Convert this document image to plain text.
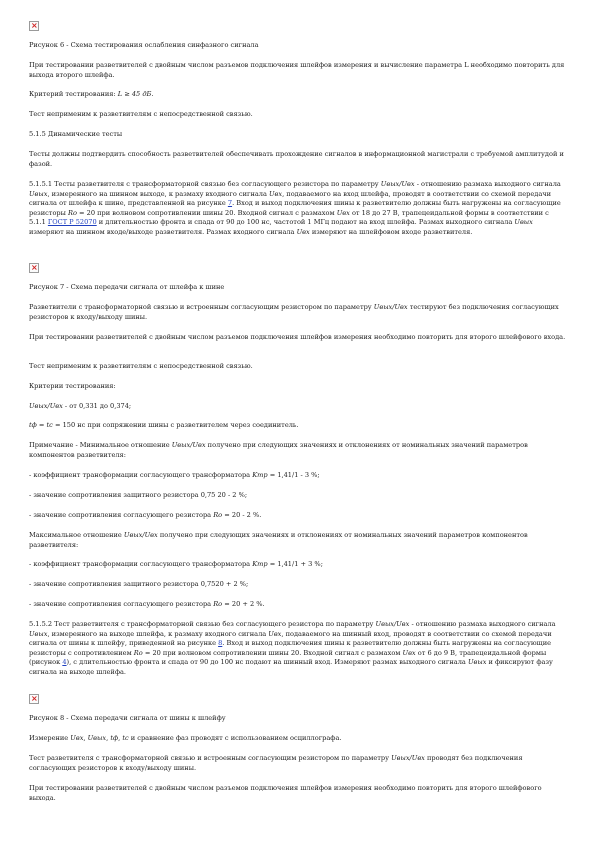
×

Рисунок 6 - Схема тестирования ослабления синфазного сигнала

При тестировании разветвителей с двойным числом разъемов подключения шлейфов измерения и вычисление параметра L необходимо повторить для выхода второго шлейфа.

Критерий тестирования: L ≥ 45 дБ.

Тест неприменим к разветвителям с непосредственной связью.

5.1.5 Динамические тесты

Тесты должны подтвердить способность разветвителей обеспечивать прохождение сигналов в информационной магистрали с требуемой амплитудой и фазой.

5.1.5.1 Тесты разветвителя с трансформаторной связью без согласующего резистора по параметру Uвых/Uвх - отношению размаха выходного сигнала Uвых, измеренного на шинном выходе, к размаху входного сигнала Uвх, подаваемого на вход шлейфа, проводят в соответствии со схемой передачи сигнала от шлейфа к шине, представленной на рисунке 7. Вход и выход подключения шины к разветвителю должны быть нагружены на согласующие резисторы Rо = 20 при волновом сопротивлении шины 20. Входной сигнал с размахом Uвх от 18 до 27 В, трапецеидальной формы в соответствии с 5.1.1 ГОСТ Р 52070 и длительностью фронта и спада от 90 до 100 нс, частотой 1 МГц подают на вход шлейфа. Размах выходного сигнала Uвых измеряют на шинном входе/выходе разветвителя. Размах входного сигнала Uвх измеряют на шлейфовом входе разветвителя.

×

Рисунок 7 - Схема передачи сигнала от шлейфа к шине

Разветвители с трансформаторной связью и встроенным согласующим резистором по параметру Uвых/Uвх тестируют без подключения согласующих резисторов к входу/выходу шины.

При тестировании разветвителей с двойным числом разъемов подключения шлейфов измерения необходимо повторить для второго шлейфового входа.

Тест неприменим к разветвителям с непосредственной связью.

Критерии тестирования:

Uвых/Uвх - от 0,331 до 0,374;

tф = tс = 150 нс при сопряжении шины с разветвителем через соединитель.

Примечание - Минимальное отношение Uвых/Uвх получено при следующих значениях и отклонениях от номинальных значений параметров компонентов разветвителя:

- коэффициент трансформации согласующего трансформатора Kтр = 1,41/1 - 3 %;

- значение сопротивления защитного резистора 0,75 20 - 2 %;

- значение сопротивления согласующего резистора Rо = 20 - 2 %.

Максимальное отношение Uвых/Uвх получено при следующих значениях и отклонениях от номинальных значений параметров компонентов разветвителя:

- коэффициент трансформации согласующего трансформатора Kтр = 1,41/1 + 3 %;

- значение сопротивления защитного резистора 0,7520 + 2 %;

- значение сопротивления согласующего резистора Rо = 20 + 2 %.

5.1.5.2 Тест разветвителя с трансформаторной связью без согласующего резистора по параметру Uвых/Uвх - отношению размаха выходного сигнала Uвых, измеренного на выходе шлейфа, к размаху входного сигнала Uвх, подаваемого на шинный вход, проводят в соответствии со схемой передачи сигнала от шины к шлейфу, приведенной на рисунке 8. Вход и выход подключения шины к разветвителю должны быть нагружены на согласующие резисторы с сопротивлением Rо = 20 при волновом сопротивлении шины 20. Входной сигнал с размахом Uвх от 6 до 9 В, трапецеидальной формы (рисунок 4), с длительностью фронта и спада от 90 до 100 нс подают на шинный вход. Измеряют размах выходного сигнала Uвых и фиксируют фазу сигнала на выходе шлейфа.

×

Рисунок 8 - Схема передачи сигнала от шины к шлейфу

Измерение Uвх, Uвых, tф, tс и сравнение фаз проводят с использованием осциллографа.

Тест разветвителя с трансформаторной связью и встроенным согласующим резистором по параметру Uвых/Uвх проводят без подключения согласующих резисторов к входу/выходу шины.

При тестировании разветвителей с двойным числом разъемов подключения шлейфов измерения необходимо повторить для второго шлейфового выхода.
